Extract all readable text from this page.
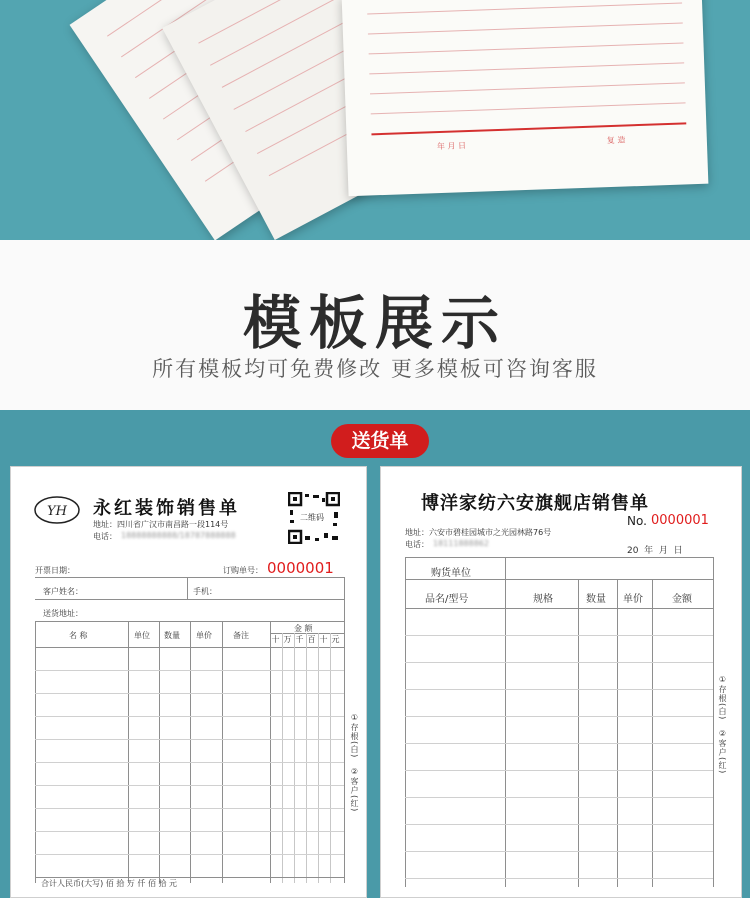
年 月 日
复 造
模板展示
所有模板均可免费修改 更多模板可咨询客服
送货单
YH 永红装饰销售单
地址：四川省广汉市南昌路一段114号
电话： 18888888888/18787888888
二维码
开票日期：	订购单号： 0000001
客户姓名：	手机：
送货地址：
名 称	单位 数量 单价	备注
金 额
十 万 千 百 十 元
合计人民币(大写) 佰 拾 万 仟 佰 拾 元
①存根(白)
②客户(红)
博洋家纺六安旗舰店销售单
No. 0000001
地址：六安市碧桂园城市之光园林路76号
电话： 18111888862
20  年  月  日
购货单位
品名/型号	规格	数量 单价	金额
①存根(白)
②客户(红)
